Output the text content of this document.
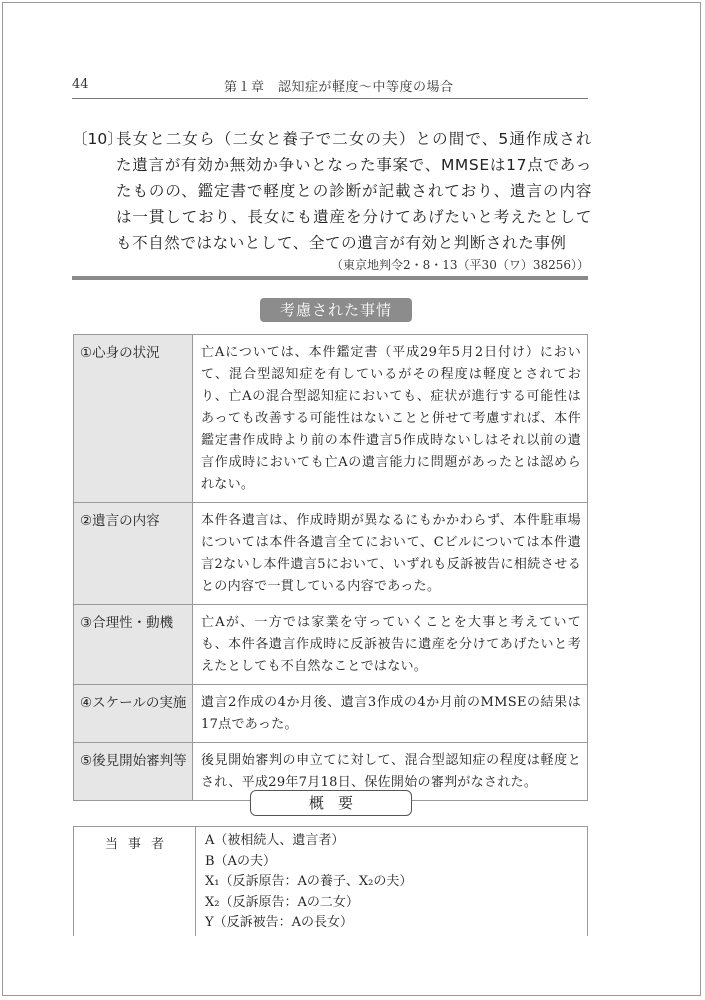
44	第１章　認知症が軽度～中等度の場合
〔10〕
長女と二女ら（二女と養子で二女の夫）との間で、5通作成された遺言が有効か無効か争いとなった事案で、MMSEは17点であったものの、鑑定書で軽度との診断が記載されており、遺言の内容は一貫しており、長女にも遺産を分けてあげたいと考えたとしても不自然ではないとして、全ての遺言が有効と判断された事例
（東京地判令2・8・13（平30（ワ）38256））
考慮された事情
①心身の状況	亡Aについては、本件鑑定書（平成29年5月2日付け）において、混合型認知症を有しているがその程度は軽度とされており、亡Aの混合型認知症においても、症状が進行する可能性はあっても改善する可能性はないことと併せて考慮すれば、本件鑑定書作成時より前の本件遺言5作成時ないしはそれ以前の遺言作成時においても亡Aの遺言能力に問題があったとは認められない。
②遺言の内容	本件各遺言は、作成時期が異なるにもかかわらず、本件駐車場については本件各遺言全てにおいて、Cビルについては本件遺言2ないし本件遺言5において、いずれも反訴被告に相続させるとの内容で一貫している内容であった。
③合理性・動機	亡Aが、一方では家業を守っていくことを大事と考えていても、本件各遺言作成時に反訴被告に遺産を分けてあげたいと考えたとしても不自然なことではない。
④スケールの実施	遺言2作成の4か月後、遺言3作成の4か月前のMMSEの結果は17点であった。
⑤後見開始審判等	後見開始審判の申立てに対して、混合型認知症の程度は軽度とされ、平成29年7月18日、保佐開始の審判がなされた。
概要
当事者	A（被相続人、遺言者）
B（Aの夫）
X₁（反訴原告：Aの養子、X₂の夫）
X₂（反訴原告：Aの二女）
Y（反訴被告：Aの長女）
